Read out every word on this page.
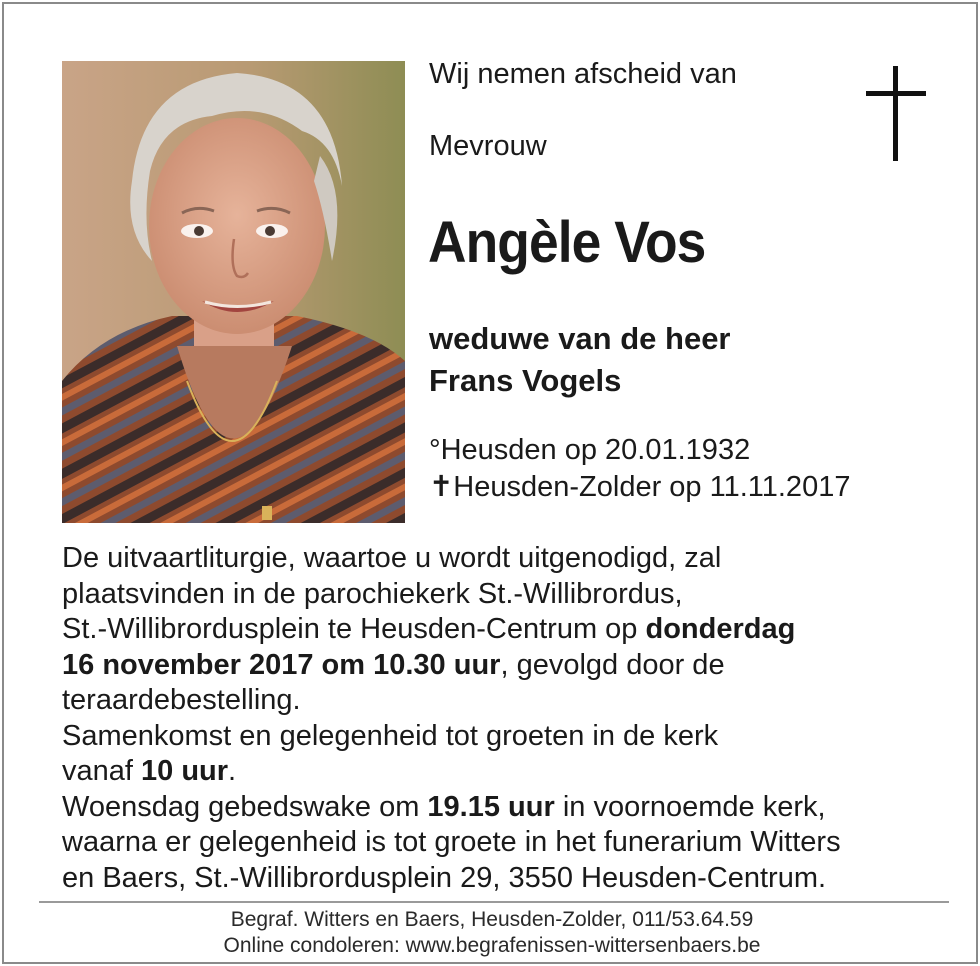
Wij nemen afscheid van
Mevrouw
Angèle Vos
weduwe van de heer
Frans Vogels
°Heusden op 20.01.1932
✝Heusden-Zolder op 11.11.2017
De uitvaartliturgie, waartoe u wordt uitgenodigd, zal
plaatsvinden in de parochiekerk St.-Willibrordus,
St.-Willibrordusplein te Heusden-Centrum op donderdag
16 november 2017 om 10.30 uur, gevolgd door de
teraardebestelling.
Samenkomst en gelegenheid tot groeten in de kerk
vanaf 10 uur.
Woensdag gebedswake om 19.15 uur in voornoemde kerk,
waarna er gelegenheid is tot groete in het funerarium Witters
en Baers, St.-Willibrordusplein 29, 3550 Heusden-Centrum.
Begraf. Witters en Baers, Heusden-Zolder, 011/53.64.59
Online condoleren: www.begrafenissen-wittersenbaers.be
